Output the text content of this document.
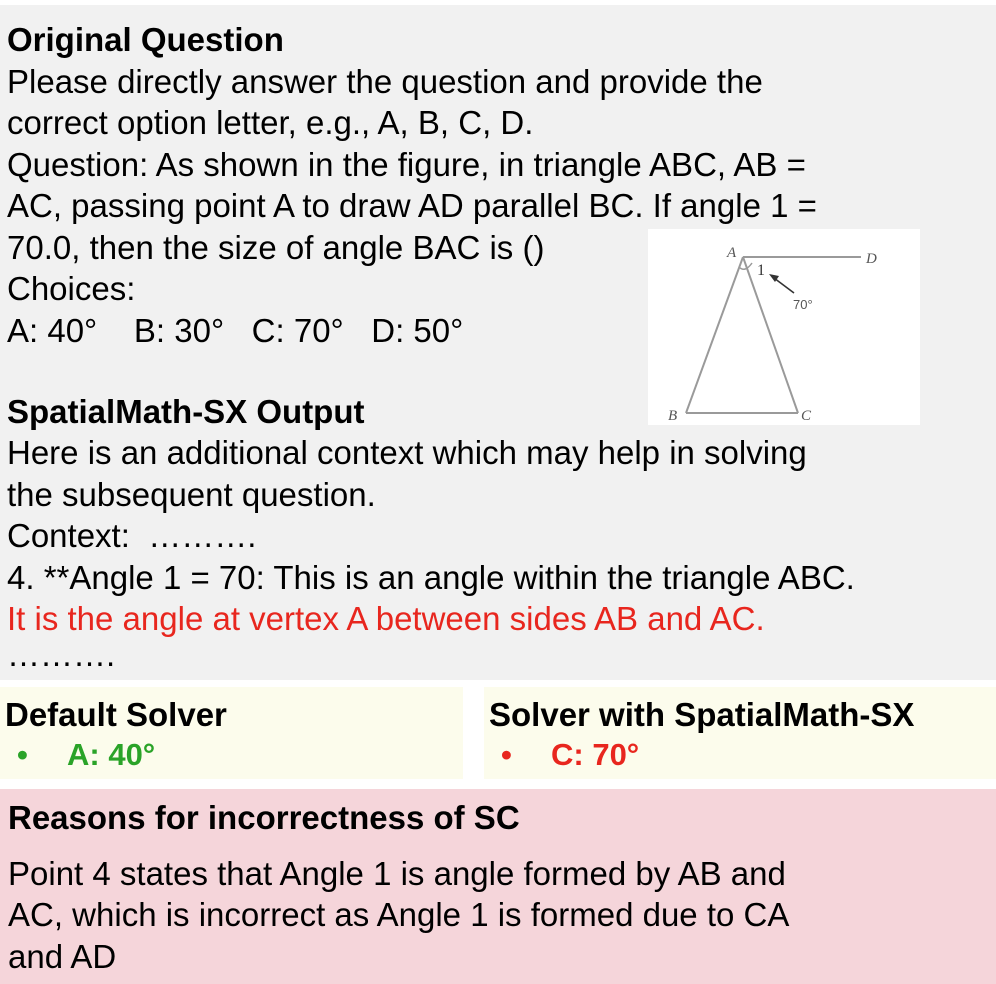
Original Question
Please directly answer the question and provide the
correct option letter, e.g., A, B, C, D.
Question: As shown in the figure, in triangle ABC, AB =
AC, passing point A to draw AD parallel BC. If angle 1 =
70.0, then the size of angle BAC is ()
Choices:
A: 40°    B: 30°   C: 70°   D: 50°
SpatialMath-SX Output
Here is an additional context which may help in solving
the subsequent question.
Context:  ……….
4. **Angle 1 = 70: This is an angle within the triangle ABC.
It is the angle at vertex A between sides AB and AC.
……….
A	D
B	C
1
70°
Default Solver
• A: 40°
Solver with SpatialMath-SX
• C: 70°
Reasons for incorrectness of SC
Point 4 states that Angle 1 is angle formed by AB and
AC, which is incorrect as Angle 1 is formed due to CA
and AD
